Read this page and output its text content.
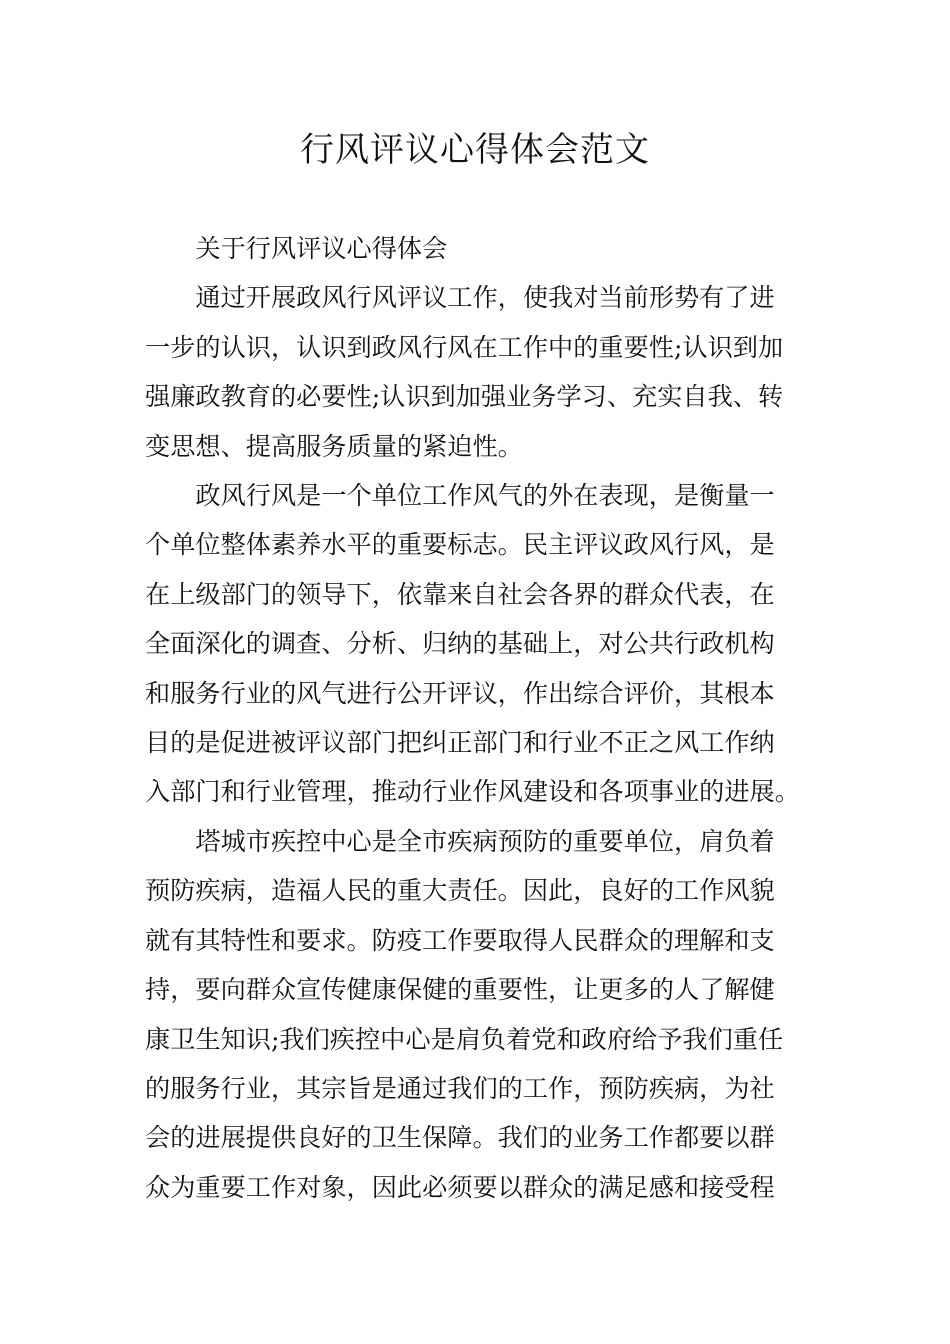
行风评议心得体会范文

关于行风评议心得体会

通过开展政风行风评议工作，使我对当前形势有了进
一步的认识，认识到政风行风在工作中的重要性;认识到加
强廉政教育的必要性;认识到加强业务学习、充实自我、转
变思想、提高服务质量的紧迫性。

政风行风是一个单位工作风气的外在表现，是衡量一
个单位整体素养水平的重要标志。民主评议政风行风，是
在上级部门的领导下，依靠来自社会各界的群众代表，在
全面深化的调查、分析、归纳的基础上，对公共行政机构
和服务行业的风气进行公开评议，作出综合评价，其根本
目的是促进被评议部门把纠正部门和行业不正之风工作纳
入部门和行业管理，推动行业作风建设和各项事业的进展。

塔城市疾控中心是全市疾病预防的重要单位，肩负着
预防疾病，造福人民的重大责任。因此，良好的工作风貌
就有其特性和要求。防疫工作要取得人民群众的理解和支
持，要向群众宣传健康保健的重要性，让更多的人了解健
康卫生知识;我们疾控中心是肩负着党和政府给予我们重任
的服务行业，其宗旨是通过我们的工作，预防疾病，为社
会的进展提供良好的卫生保障。我们的业务工作都要以群
众为重要工作对象，因此必须要以群众的满足感和接受程
